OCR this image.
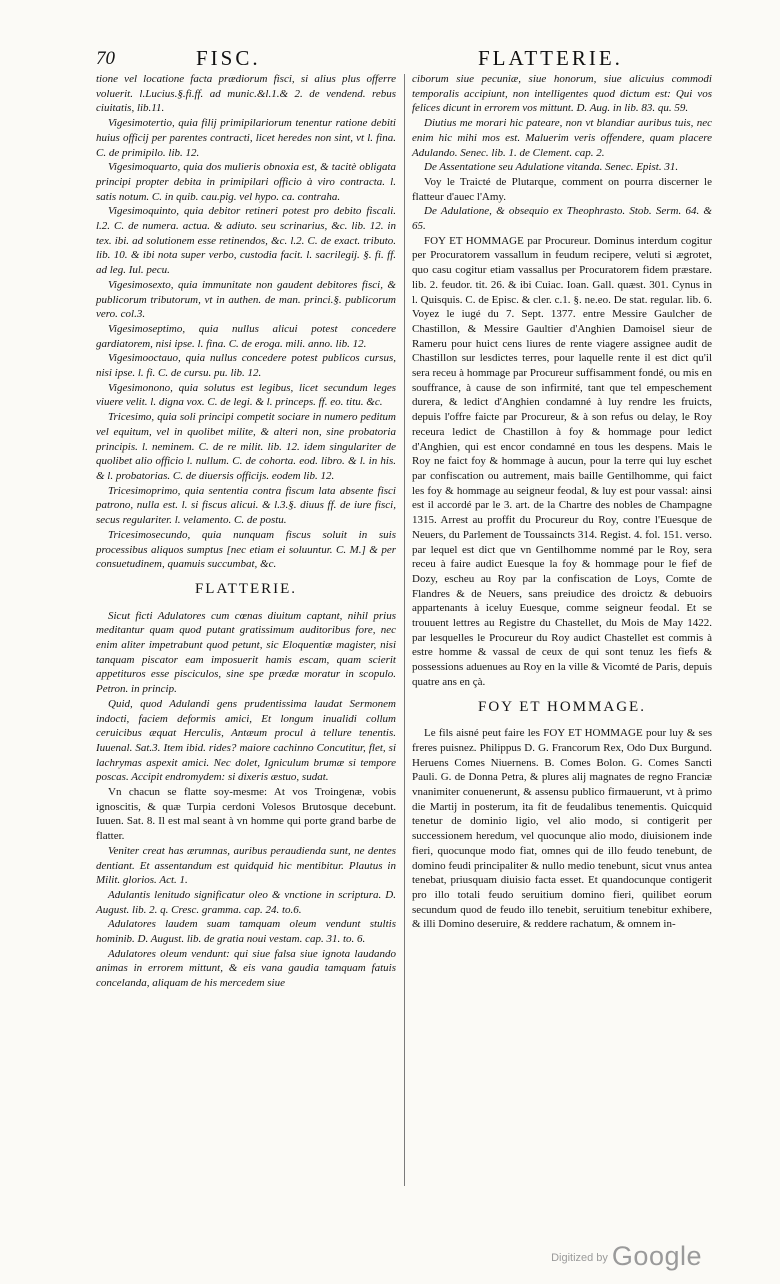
70	FISC.	FLATTERIE.

tione vel locatione facta prædiorum fisci, si alius plus offerre voluerit. l.Lucius.§.fi.ff. ad munic.&l.1.& 2. de vendend. rebus ciuitatis, lib.11.

Vigesimotertio, quia filij primipilariorum tenentur ratione debiti huius officij per parentes contracti, licet heredes non sint, vt l. fina. C. de primipilo. lib. 12.

Vigesimoquarto, quia dos mulieris obnoxia est, & tacitè obligata principi propter debita in primipilari officio à viro contracta. l. satis notum. C. in quib. cau.pig. vel hypo. ca. contraha.

Vigesimoquinto, quia debitor retineri potest pro debito fiscali. l.2. C. de numera. actua. & adiuto. seu scrinarius, &c. lib. 12. in tex. ibi. ad solutionem esse retinendos, &c. l.2. C. de exact. tributo. lib. 10. & ibi nota super verbo, custodia facit. l. sacrilegij. §. fi. ff. ad leg. Iul. pecu.

Vigesimosexto, quia immunitate non gaudent debitores fisci, & publicorum tributorum, vt in authen. de man. princi.§. publicorum vero. col.3.

Vigesimoseptimo, quia nullus alicui potest concedere gardiatorem, nisi ipse. l. fina. C. de eroga. mili. anno. lib. 12.

Vigesimooctauo, quia nullus concedere potest publicos cursus, nisi ipse. l. fi. C. de cursu. pu. lib. 12.

Vigesimonono, quia solutus est legibus, licet secundum leges viuere velit. l. digna vox. C. de legi. & l. princeps. ff. eo. titu. &c.

Tricesimo, quia soli principi competit sociare in numero peditum vel equitum, vel in quolibet milite, & alteri non, sine probatoria principis. l. neminem. C. de re milit. lib. 12. idem singulariter de quolibet alio officio l. nullum. C. de cohorta. eod. libro. & l. in his. & l. probatorias. C. de diuersis officijs. eodem lib. 12.

Tricesimoprimo, quia sententia contra fiscum lata absente fisci patrono, nulla est. l. si fiscus alicui. & l.3.§. diuus ff. de iure fisci, secus regulariter. l. velamento. C. de postu.

Tricesimosecundo, quia nunquam fiscus soluit in suis processibus aliquos sumptus [nec etiam ei soluuntur. C. M.] & per consuetudinem, quamuis succumbat, &c.

FLATTERIE.

Sicut ficti Adulatores cum cœnas diuitum captant, nihil prius meditantur quam quod putant gratissimum auditoribus fore, nec enim aliter impetrabunt quod petunt, sic Eloquentiæ magister, nisi tanquam piscator eam imposuerit hamis escam, quam scierit appetituros esse pisciculos, sine spe prædæ moratur in scopulo. Petron. in princip.

Quid, quod Adulandi gens prudentissima laudat Sermonem indocti, faciem deformis amici, Et longum inualidi collum ceruicibus æquat Herculis, Antæum procul à tellure tenentis. Iuuenal. Sat.3. Item ibid. rides? maiore cachinno Concutitur, flet, si lachrymas aspexit amici. Nec dolet, Igniculum brumæ si tempore poscas. Accipit endromydem: si dixeris æstuo, sudat.

Vn chacun se flatte soy-mesme: At vos Troingenæ, vobis ignoscitis, & quæ Turpia cerdoni Volesos Brutosque decebunt. Iuuen. Sat. 8. Il est mal seant à vn homme qui porte grand barbe de flatter.

Veniter creat has ærumnas, auribus peraudienda sunt, ne dentes dentiant. Et assentandum est quidquid hic mentibitur. Plautus in Milit. glorios. Act. 1.

Adulantis lenitudo significatur oleo & vnctione in scriptura. D. August. lib. 2. q. Cresc. gramma. cap. 24. to.6.

Adulatores laudem suam tamquam oleum vendunt stultis hominib. D. August. lib. de gratia noui vestam. cap. 31. to. 6.

Adulatores oleum vendunt: qui siue falsa siue ignota laudando animas in errorem mittunt, & eis vana gaudia tamquam fatuis concelanda, aliquam de his mercedem siue

ciborum siue pecuniæ, siue honorum, siue alicuius commodi temporalis accipiunt, non intelligentes quod dictum est: Qui vos felices dicunt in errorem vos mittunt. D. Aug. in lib. 83. qu. 59.

Diutius me morari hic pateare, non vt blandiar auribus tuis, nec enim hic mihi mos est. Maluerim veris offendere, quam placere Adulando. Senec. lib. 1. de Clement. cap. 2.

De Assentatione seu Adulatione vitanda. Senec. Epist. 31.

Voy le Traicté de Plutarque, comment on pourra discerner le flatteur d'auec l'Amy.

De Adulatione, & obsequio ex Theophrasto. Stob. Serm. 64. & 65.

FOY ET HOMMAGE par Procureur. Dominus interdum cogitur per Procuratorem vassallum in feudum recipere, veluti si ægrotet, quo casu cogitur etiam vassallus per Procuratorem fidem præstare. lib. 2. feudor. tit. 26. & ibi Cuiac. Ioan. Gall. quæst. 301. Cynus in l. Quisquis. C. de Episc. & cler. c.1. §. ne.eo. De stat. regular. lib. 6. Voyez le iugé du 7. Sept. 1377. entre Messire Gaulcher de Chastillon, & Messire Gaultier d'Anghien Damoisel sieur de Rameru pour huict cens liures de rente viagere assignee audit de Chastillon sur lesdictes terres, pour laquelle rente il est dict qu'il sera receu à hommage par Procureur suffisamment fondé, ou mis en souffrance, à cause de son infirmité, tant que tel empeschement durera, & ledict d'Anghien condamné à luy rendre les fruicts, depuis l'offre faicte par Procureur, & à son refus ou delay, le Roy receura ledict de Chastillon à foy & hommage pour ledict d'Anghien, qui est encor condamné en tous les despens. Mais le Roy ne faict foy & hommage à aucun, pour la terre qui luy eschet par confiscation ou autrement, mais baille Gentilhomme, qui faict les foy & hommage au seigneur feodal, & luy est pour vassal: ainsi est il accordé par le 3. art. de la Chartre des nobles de Champagne 1315. Arrest au proffit du Procureur du Roy, contre l'Euesque de Neuers, du Parlement de Toussaincts 314. Regist. 4. fol. 151. verso. par lequel est dict que vn Gentilhomme nommé par le Roy, sera receu à faire audict Euesque la foy & hommage pour le fief de Dozy, escheu au Roy par la confiscation de Loys, Comte de Flandres & de Neuers, sans preiudice des droictz & debuoirs appartenants à iceluy Euesque, comme seigneur feodal. Et se trouuent lettres au Registre du Chastellet, du Mois de May 1422. par lesquelles le Procureur du Roy audict Chastellet est commis à estre homme & vassal de ceux de qui sont tenuz les fiefs & possessions aduenues au Roy en la ville & Vicomté de Paris, depuis quatre ans en çà.

FOY ET HOMMAGE.

Le fils aisné peut faire les FOY ET HOMMAGE pour luy & ses freres puisnez. Philippus D. G. Francorum Rex, Odo Dux Burgund. Heruens Comes Niuernens. B. Comes Bolon. G. Comes Sancti Pauli. G. de Donna Petra, & plures alij magnates de regno Franciæ vnanimiter conuenerunt, & assensu publico firmauerunt, vt à primo die Martij in posterum, ita fit de feudalibus tenementis. Quicquid tenetur de dominio ligio, vel alio modo, si contigerit per successionem heredum, vel quocunque alio modo, diuisionem inde fieri, quocunque modo fiat, omnes qui de illo feudo tenebunt, de domino feudi principaliter & nullo medio tenebunt, sicut vnus antea tenebat, priusquam diuisio facta esset. Et quandocunque contigerit pro illo totali feudo seruitium domino fieri, quilibet eorum secundum quod de feudo illo tenebit, seruitium tenebitur exhibere, & illi Domino deseruire, & reddere rachatum, & omnem in-

$^{Digitized by}$ Google
